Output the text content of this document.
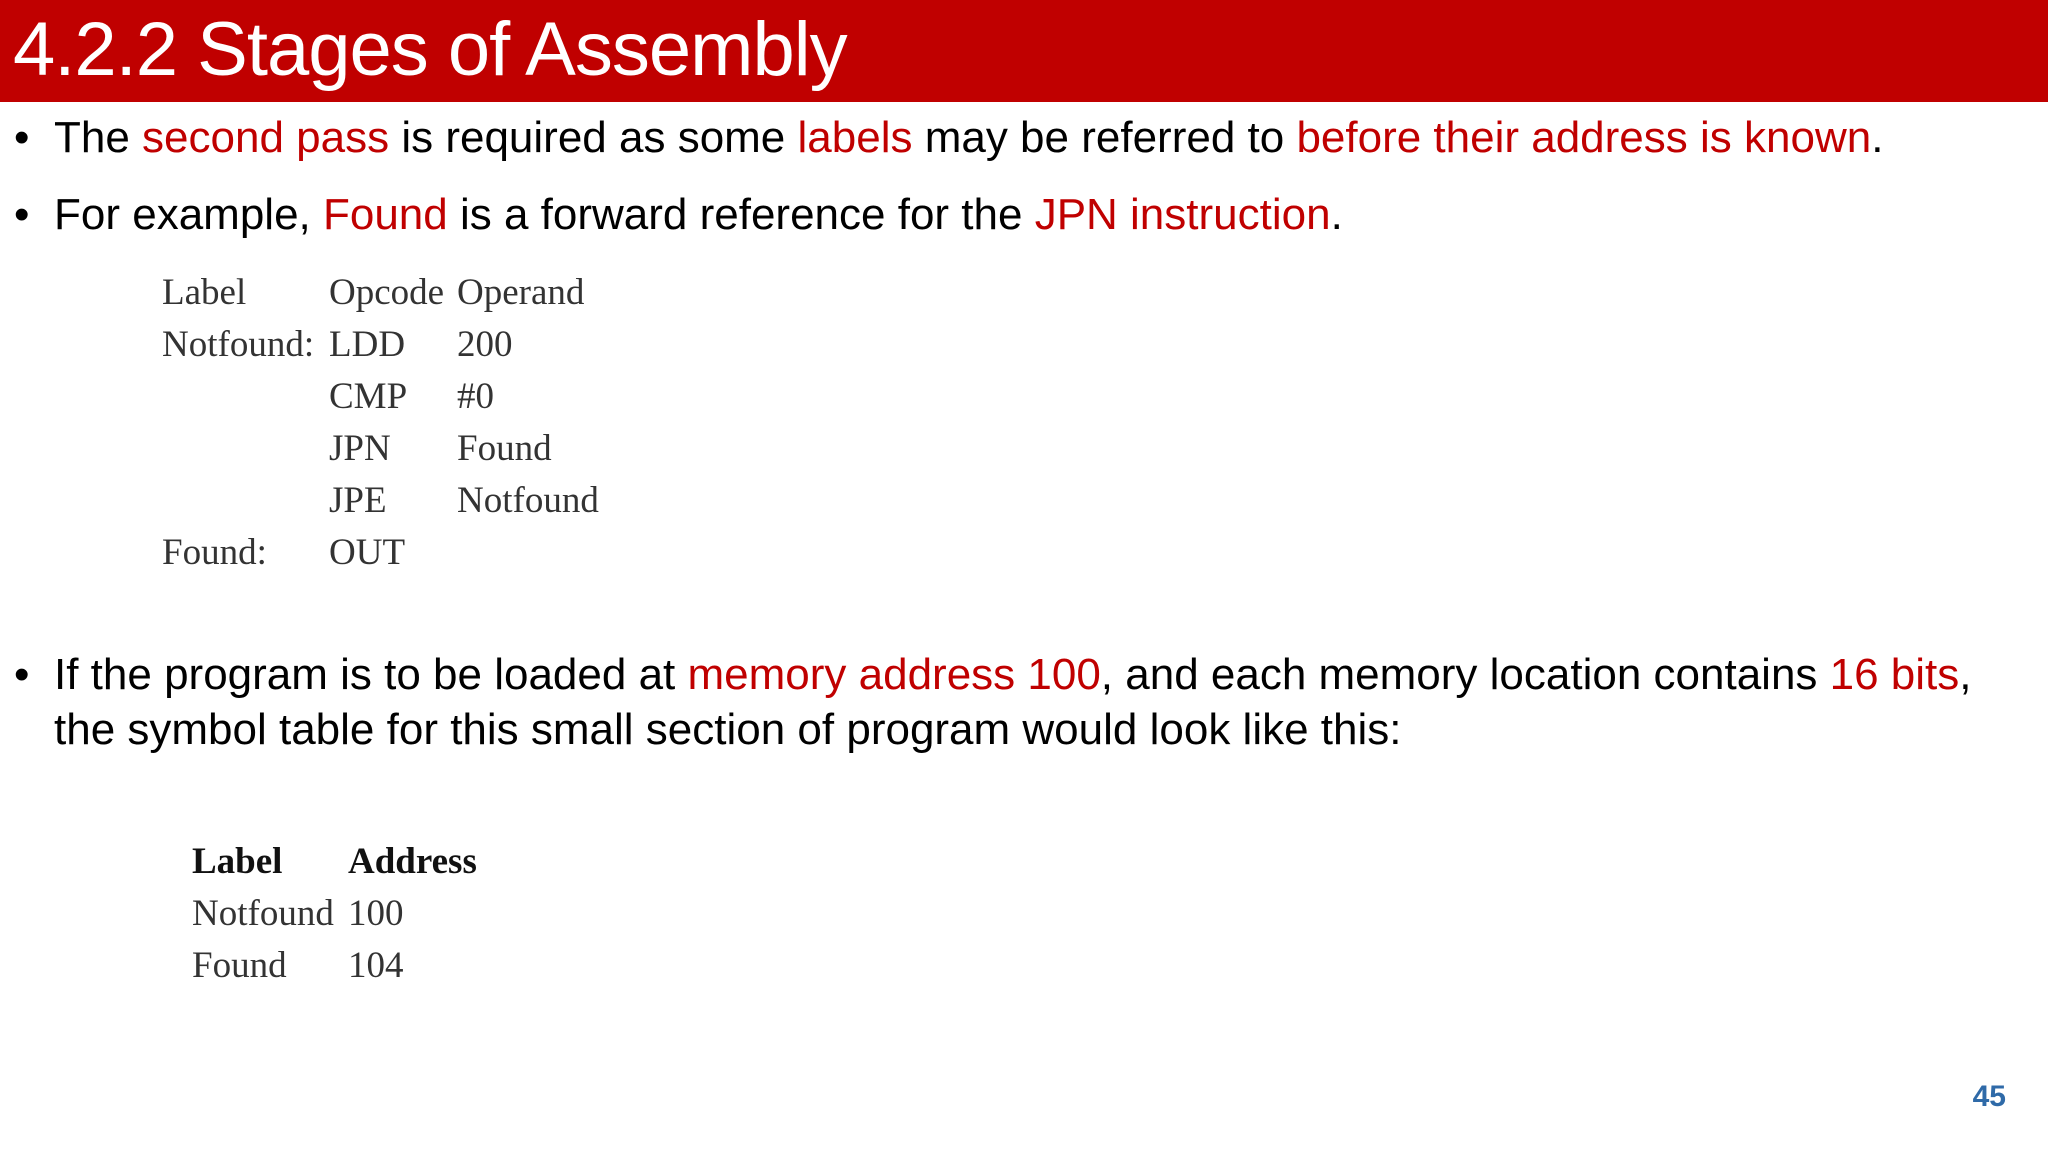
4.2.2 Stages of Assembly
• The second pass is required as some labels may be referred to before their address is known.
• For example, Found is a forward reference for the JPN instruction.
Label	Opcode	Operand
Notfound:	LDD	200
	CMP	#0
	JPN	Found
	JPE	Notfound
Found:	OUT	
• If the program is to be loaded at memory address 100, and each memory location contains 16 bits, the symbol table for this small section of program would look like this:
Label	Address
Notfound	100
Found	104
45
